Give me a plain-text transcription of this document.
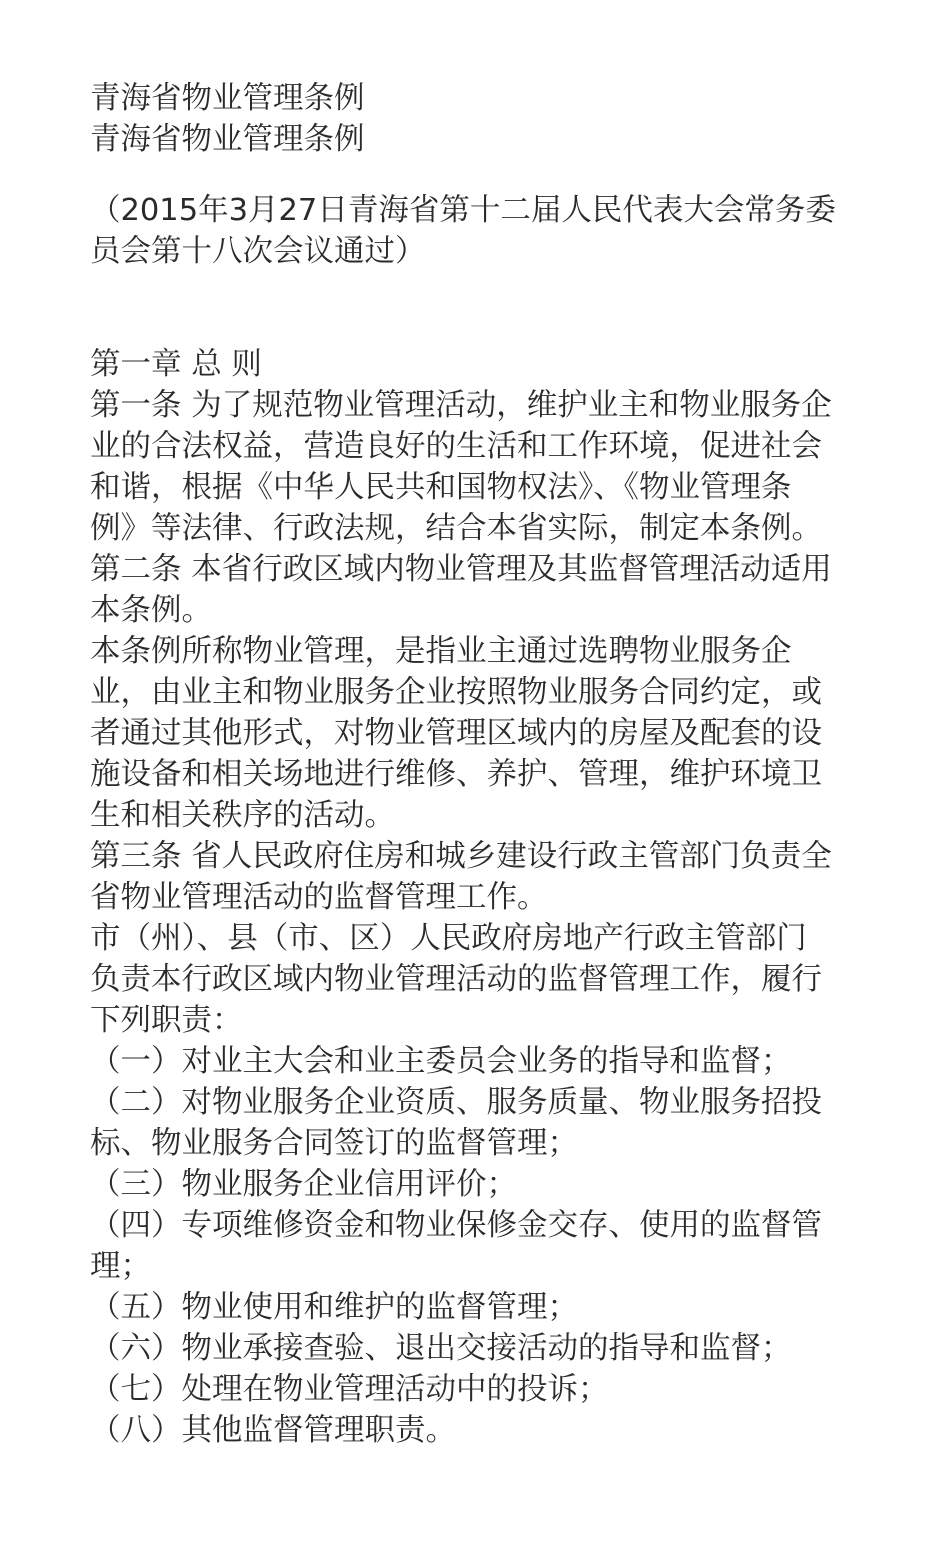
青海省物业管理条例
青海省物业管理条例
（2015年3月27日青海省第十二届人民代表大会常务委
员会第十八次会议通过）
第一章 总 则
第一条 为了规范物业管理活动，维护业主和物业服务企
业的合法权益，营造良好的生活和工作环境，促进社会
和谐，根据《中华人民共和国物权法》、《物业管理条
例》等法律、行政法规，结合本省实际，制定本条例。
第二条 本省行政区域内物业管理及其监督管理活动适用
本条例。
本条例所称物业管理，是指业主通过选聘物业服务企
业，由业主和物业服务企业按照物业服务合同约定，或
者通过其他形式，对物业管理区域内的房屋及配套的设
施设备和相关场地进行维修、养护、管理，维护环境卫
生和相关秩序的活动。
第三条 省人民政府住房和城乡建设行政主管部门负责全
省物业管理活动的监督管理工作。
市（州）、县（市、区）人民政府房地产行政主管部门
负责本行政区域内物业管理活动的监督管理工作，履行
下列职责：
（一）对业主大会和业主委员会业务的指导和监督；
（二）对物业服务企业资质、服务质量、物业服务招投
标、物业服务合同签订的监督管理；
（三）物业服务企业信用评价；
（四）专项维修资金和物业保修金交存、使用的监督管
理；
（五）物业使用和维护的监督管理；
（六）物业承接查验、退出交接活动的指导和监督；
（七）处理在物业管理活动中的投诉；
（八）其他监督管理职责。
